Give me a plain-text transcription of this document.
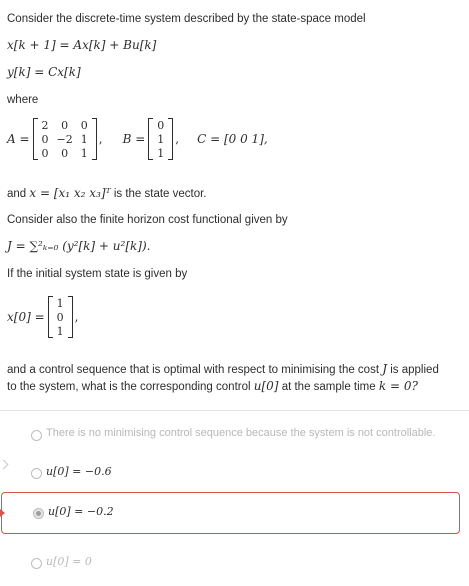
Consider the discrete-time system described by the state-space model
x[k + 1] = Ax[k] + Bu[k]
y[k] = Cx[k]
where
A =
2	0	0
0	−2	1
0	0	1
, B =
0
1
1
, C = [0 0 1],
and x = [x₁ x₂ x₃]ᵀ is the state vector.
Consider also the finite horizon cost functional given by
J = ∑²ₖ₌₀ (y²[k] + u²[k]).
If the initial system state is given by
x[0] =
1
0
1
,
and a control sequence that is optimal with respect to minimising the cost J is applied
to the system, what is the corresponding control u[0] at the sample time k = 0?
There is no minimising control sequence because the system is not controllable.
u[0] = −0.6
u[0] = −0.2
u[0] = 0
